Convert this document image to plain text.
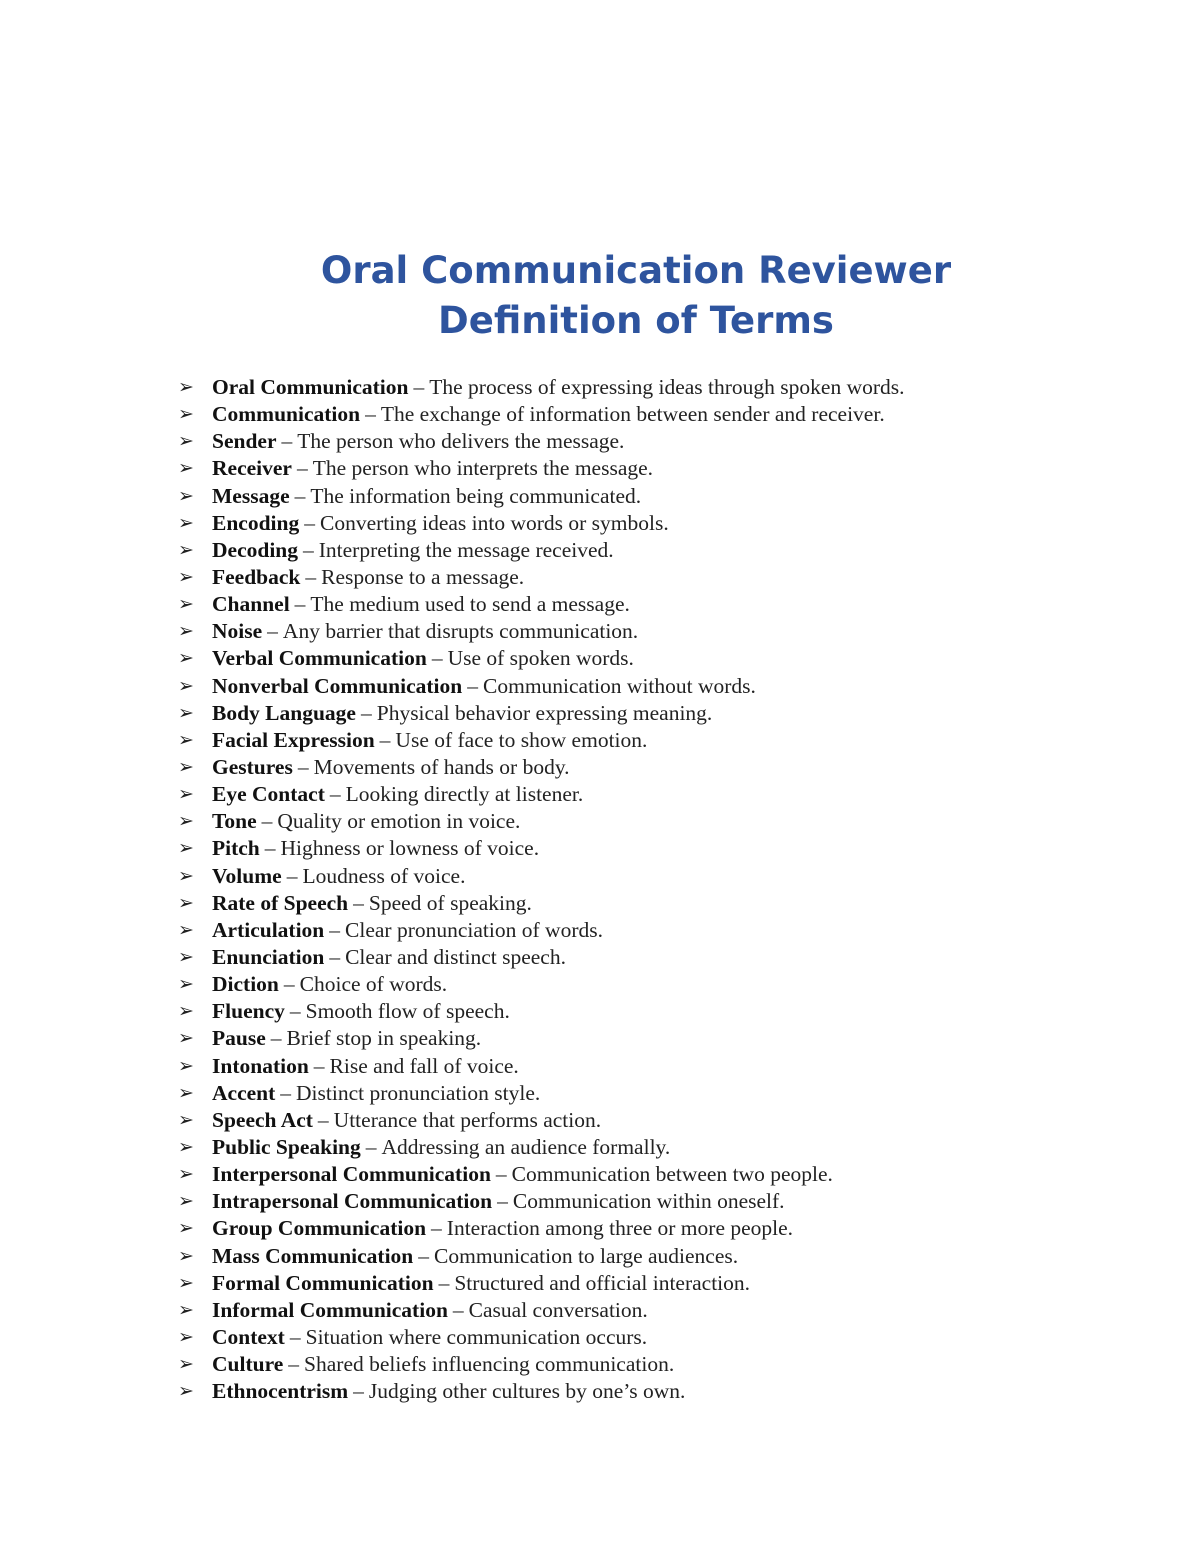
Oral Communication Reviewer
Definition of Terms
➢ Oral Communication – The process of expressing ideas through spoken words.
➢ Communication – The exchange of information between sender and receiver.
➢ Sender – The person who delivers the message.
➢ Receiver – The person who interprets the message.
➢ Message – The information being communicated.
➢ Encoding – Converting ideas into words or symbols.
➢ Decoding – Interpreting the message received.
➢ Feedback – Response to a message.
➢ Channel – The medium used to send a message.
➢ Noise – Any barrier that disrupts communication.
➢ Verbal Communication – Use of spoken words.
➢ Nonverbal Communication – Communication without words.
➢ Body Language – Physical behavior expressing meaning.
➢ Facial Expression – Use of face to show emotion.
➢ Gestures – Movements of hands or body.
➢ Eye Contact – Looking directly at listener.
➢ Tone – Quality or emotion in voice.
➢ Pitch – Highness or lowness of voice.
➢ Volume – Loudness of voice.
➢ Rate of Speech – Speed of speaking.
➢ Articulation – Clear pronunciation of words.
➢ Enunciation – Clear and distinct speech.
➢ Diction – Choice of words.
➢ Fluency – Smooth flow of speech.
➢ Pause – Brief stop in speaking.
➢ Intonation – Rise and fall of voice.
➢ Accent – Distinct pronunciation style.
➢ Speech Act – Utterance that performs action.
➢ Public Speaking – Addressing an audience formally.
➢ Interpersonal Communication – Communication between two people.
➢ Intrapersonal Communication – Communication within oneself.
➢ Group Communication – Interaction among three or more people.
➢ Mass Communication – Communication to large audiences.
➢ Formal Communication – Structured and official interaction.
➢ Informal Communication – Casual conversation.
➢ Context – Situation where communication occurs.
➢ Culture – Shared beliefs influencing communication.
➢ Ethnocentrism – Judging other cultures by one’s own.
